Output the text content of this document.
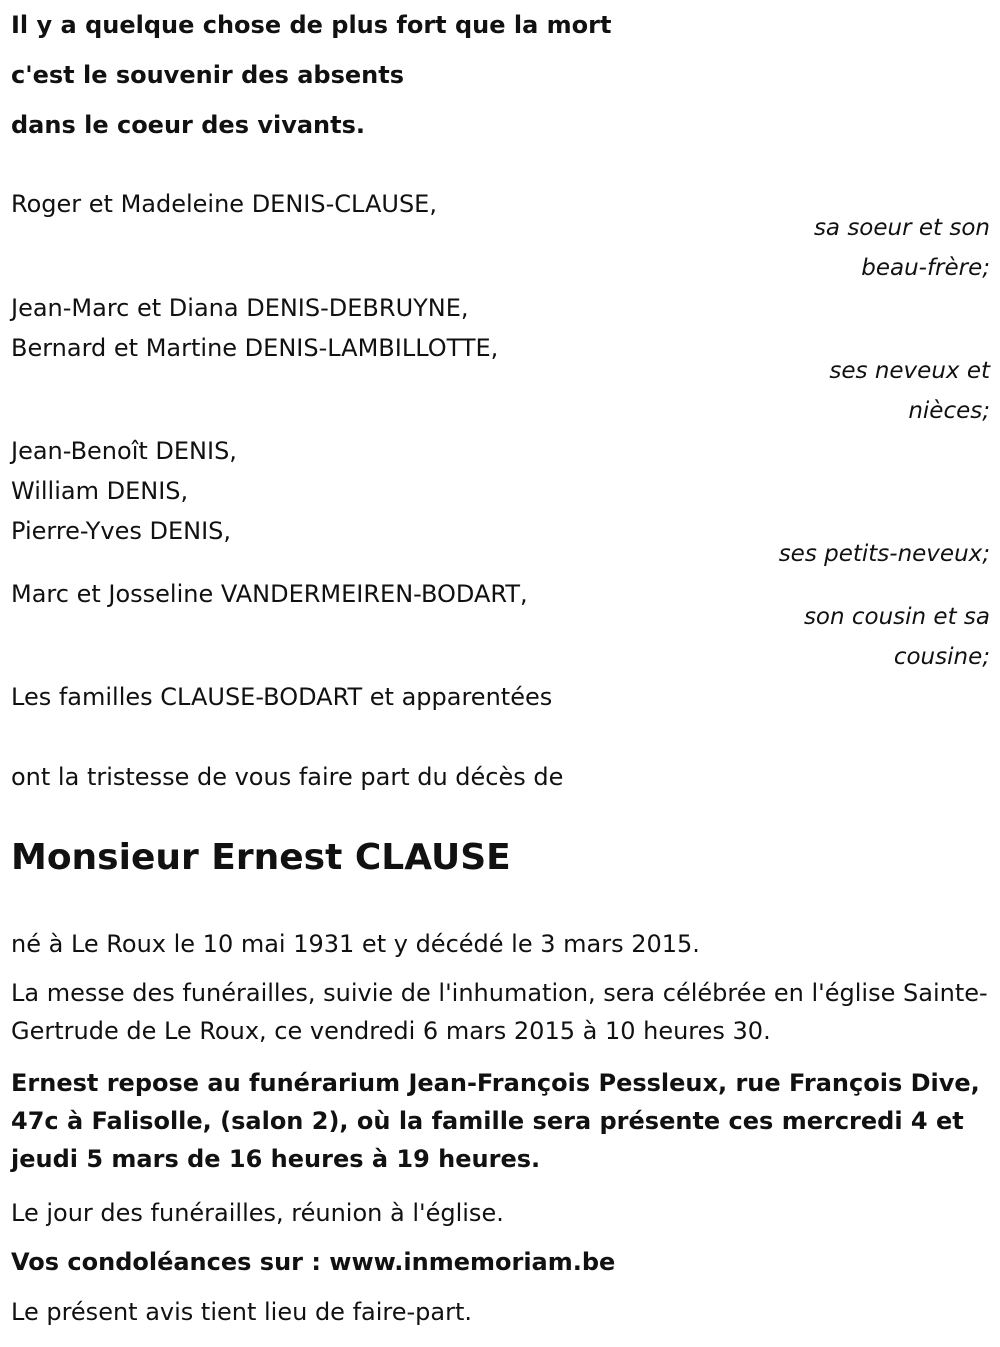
Il y a quelque chose de plus fort que la mort
c'est le souvenir des absents
dans le coeur des vivants.
Roger et Madeleine DENIS-CLAUSE,
sa soeur et son
beau-frère;
Jean-Marc et Diana DENIS-DEBRUYNE,
Bernard et Martine DENIS-LAMBILLOTTE,
ses neveux et
nièces;
Jean-Benoît DENIS,
William DENIS,
Pierre-Yves DENIS,
ses petits-neveux;
Marc et Josseline VANDERMEIREN-BODART,
son cousin et sa
cousine;
Les familles CLAUSE-BODART et apparentées
ont la tristesse de vous faire part du décès de
Monsieur Ernest CLAUSE
né à Le Roux le 10 mai 1931 et y décédé le 3 mars 2015.
La messe des funérailles, suivie de l'inhumation, sera célébrée en l'église Sainte-Gertrude de Le Roux, ce vendredi 6 mars 2015 à 10 heures 30.
Ernest repose au funérarium Jean-François Pessleux, rue François Dive, 47c à Falisolle, (salon 2), où la famille sera présente ces mercredi 4 et jeudi 5 mars de 16 heures à 19 heures.
Le jour des funérailles, réunion à l'église.
Vos condoléances sur : www.inmemoriam.be
Le présent avis tient lieu de faire-part.
